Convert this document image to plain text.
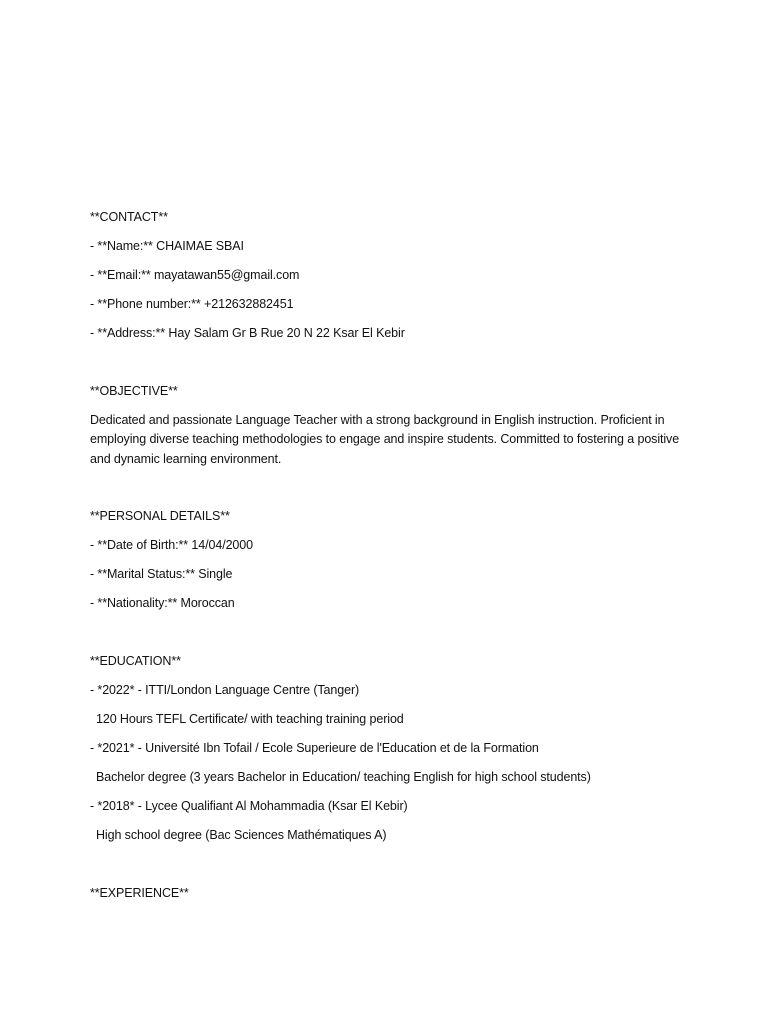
**CONTACT**
- **Name:** CHAIMAE SBAI
- **Email:** mayatawan55@gmail.com
- **Phone number:** +212632882451
- **Address:** Hay Salam Gr B Rue 20 N 22 Ksar El Kebir
**OBJECTIVE**
Dedicated and passionate Language Teacher with a strong background in English instruction. Proficient in employing diverse teaching methodologies to engage and inspire students. Committed to fostering a positive and dynamic learning environment.
**PERSONAL DETAILS**
- **Date of Birth:** 14/04/2000
- **Marital Status:** Single
- **Nationality:** Moroccan
**EDUCATION**
- *2022* - ITTI/London Language Centre (Tanger)
120 Hours TEFL Certificate/ with teaching training period
- *2021* - Université Ibn Tofail / Ecole Superieure de l'Education et de la Formation
Bachelor degree (3 years Bachelor in Education/ teaching English for high school students)
- *2018* - Lycee Qualifiant Al Mohammadia (Ksar El Kebir)
High school degree (Bac Sciences Mathématiques A)
**EXPERIENCE**
